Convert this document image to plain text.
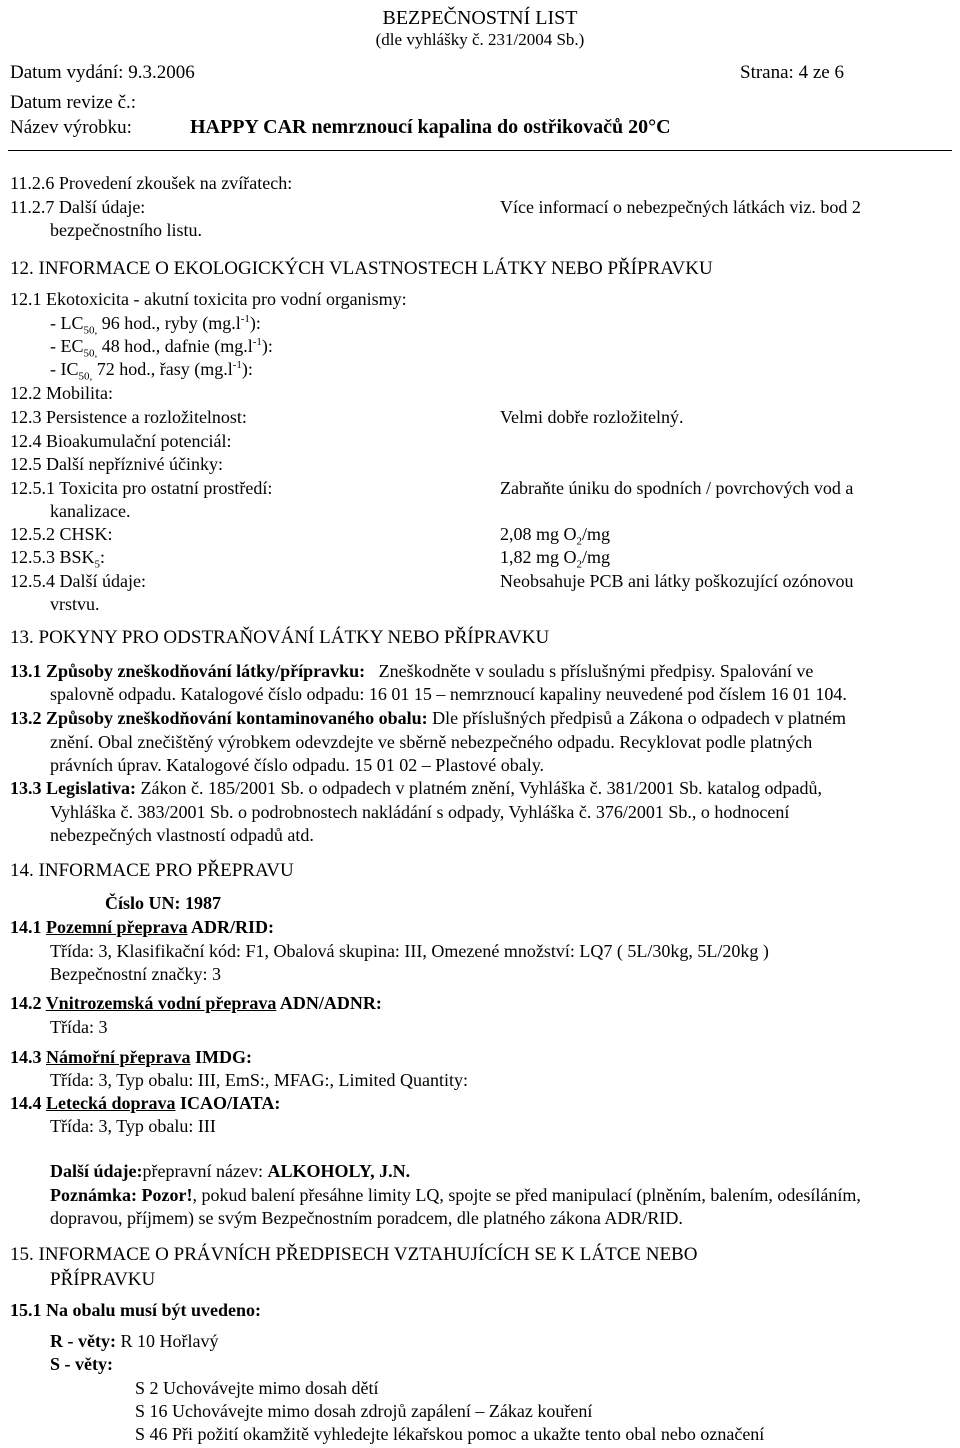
BEZPEČNOSTNÍ LIST
(dle vyhlášky č. 231/2004 Sb.)
Datum vydání: 9.3.2006	Strana: 4 ze 6
Datum revize č.:
Název výrobku:	HAPPY CAR nemrznoucí kapalina do ostřikovačů 20°C
11.2.6 Provedení zkoušek na zvířatech:
11.2.7 Další údaje:	Více informací o nebezpečných látkách viz. bod 2
bezpečnostního listu.
12. INFORMACE O EKOLOGICKÝCH VLASTNOSTECH LÁTKY NEBO PŘÍPRAVKU
12.1 Ekotoxicita - akutní toxicita pro vodní organismy:
- $LC_{50,}$ 96 hod., ryby $(mg.l^{-1})$:
- $EC_{50,}$ 48 hod., dafnie $(mg.l^{-1})$:
- $IC_{50,}$ 72 hod., řasy $(mg.l^{-1})$:
12.2 Mobilita:
12.3 Persistence a rozložitelnost:	Velmi dobře rozložitelný.
12.4 Bioakumulační potenciál:
12.5 Další nepříznivé účinky:
12.5.1 Toxicita pro ostatní prostředí:	Zabraňte úniku do spodních / povrchových vod a
kanalizace.
12.5.2 CHSK:	2,08 mg $O_2/mg$
12.5.3 $BSK_5$:	1,82 mg $O_2/mg$
12.5.4 Další údaje:	Neobsahuje PCB ani látky poškozující ozónovou
vrstvu.
13. POKYNY PRO ODSTRAŇOVÁNÍ LÁTKY NEBO PŘÍPRAVKU
13.1 Způsoby zneškodňování látky/přípravku: Zneškodněte v souladu s příslušnými předpisy. Spalování ve
spalovně odpadu. Katalogové číslo odpadu: 16 01 15 – nemrznoucí kapaliny neuvedené pod číslem 16 01 104.
13.2 Způsoby zneškodňování kontaminovaného obalu: Dle příslušných předpisů a Zákona o odpadech v platném
znění. Obal znečištěný výrobkem odevzdejte ve sběrně nebezpečného odpadu. Recyklovat podle platných
právních úprav. Katalogové číslo odpadu. 15 01 02 – Plastové obaly.
13.3 Legislativa: Zákon č. 185/2001 Sb. o odpadech v platném znění, Vyhláška č. 381/2001 Sb. katalog odpadů,
Vyhláška č. 383/2001 Sb. o podrobnostech nakládání s odpady, Vyhláška č. 376/2001 Sb., o hodnocení
nebezpečných vlastností odpadů atd.
14. INFORMACE PRO PŘEPRAVU
Číslo UN: 1987
14.1 Pozemní přeprava ADR/RID:
Třída: 3, Klasifikační kód: F1, Obalová skupina: III, Omezené množství: LQ7 ( 5L/30kg, 5L/20kg )
Bezpečnostní značky: 3
14.2 Vnitrozemská vodní přeprava ADN/ADNR:
Třída: 3
14.3 Námořní přeprava IMDG:
Třída: 3, Typ obalu: III, EmS:, MFAG:, Limited Quantity:
14.4 Letecká doprava ICAO/IATA:
Třída: 3, Typ obalu: III
Další údaje:přepravní název: ALKOHOLY, J.N.
Poznámka: Pozor!, pokud balení přesáhne limity LQ, spojte se před manipulací (plněním, balením, odesíláním,
dopravou, příjmem) se svým Bezpečnostním poradcem, dle platného zákona ADR/RID.
15. INFORMACE O PRÁVNÍCH PŘEDPISECH VZTAHUJÍCÍCH SE K LÁTCE NEBO
PŘÍPRAVKU
15.1 Na obalu musí být uvedeno:
R - věty: R 10 Hořlavý
S - věty:
S 2 Uchovávejte mimo dosah dětí
S 16 Uchovávejte mimo dosah zdrojů zapálení – Zákaz kouření
S 46 Při požití okamžitě vyhledejte lékařskou pomoc a ukažte tento obal nebo označení
